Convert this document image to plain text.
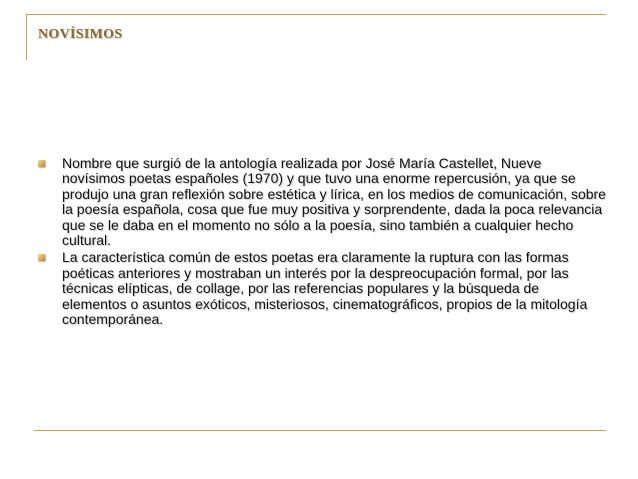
NOVÍSIMOS
Nombre que surgió de la antología realizada por José María Castellet, Nueve novísimos poetas españoles (1970) y que tuvo una enorme repercusión, ya que se produjo una gran reflexión sobre estética y lírica, en los medios de comunicación, sobre la poesía española, cosa que fue muy positiva y sorprendente, dada la poca relevancia que se le daba en el momento no sólo a la poesía, sino también a cualquier hecho cultural.
La característica común de estos poetas era claramente la ruptura con las formas poéticas anteriores y mostraban un interés por la despreocupación formal, por las técnicas elípticas, de collage, por las referencias populares y la búsqueda de elementos o asuntos exóticos, misteriosos, cinematográficos, propios de la mitología contemporánea.
